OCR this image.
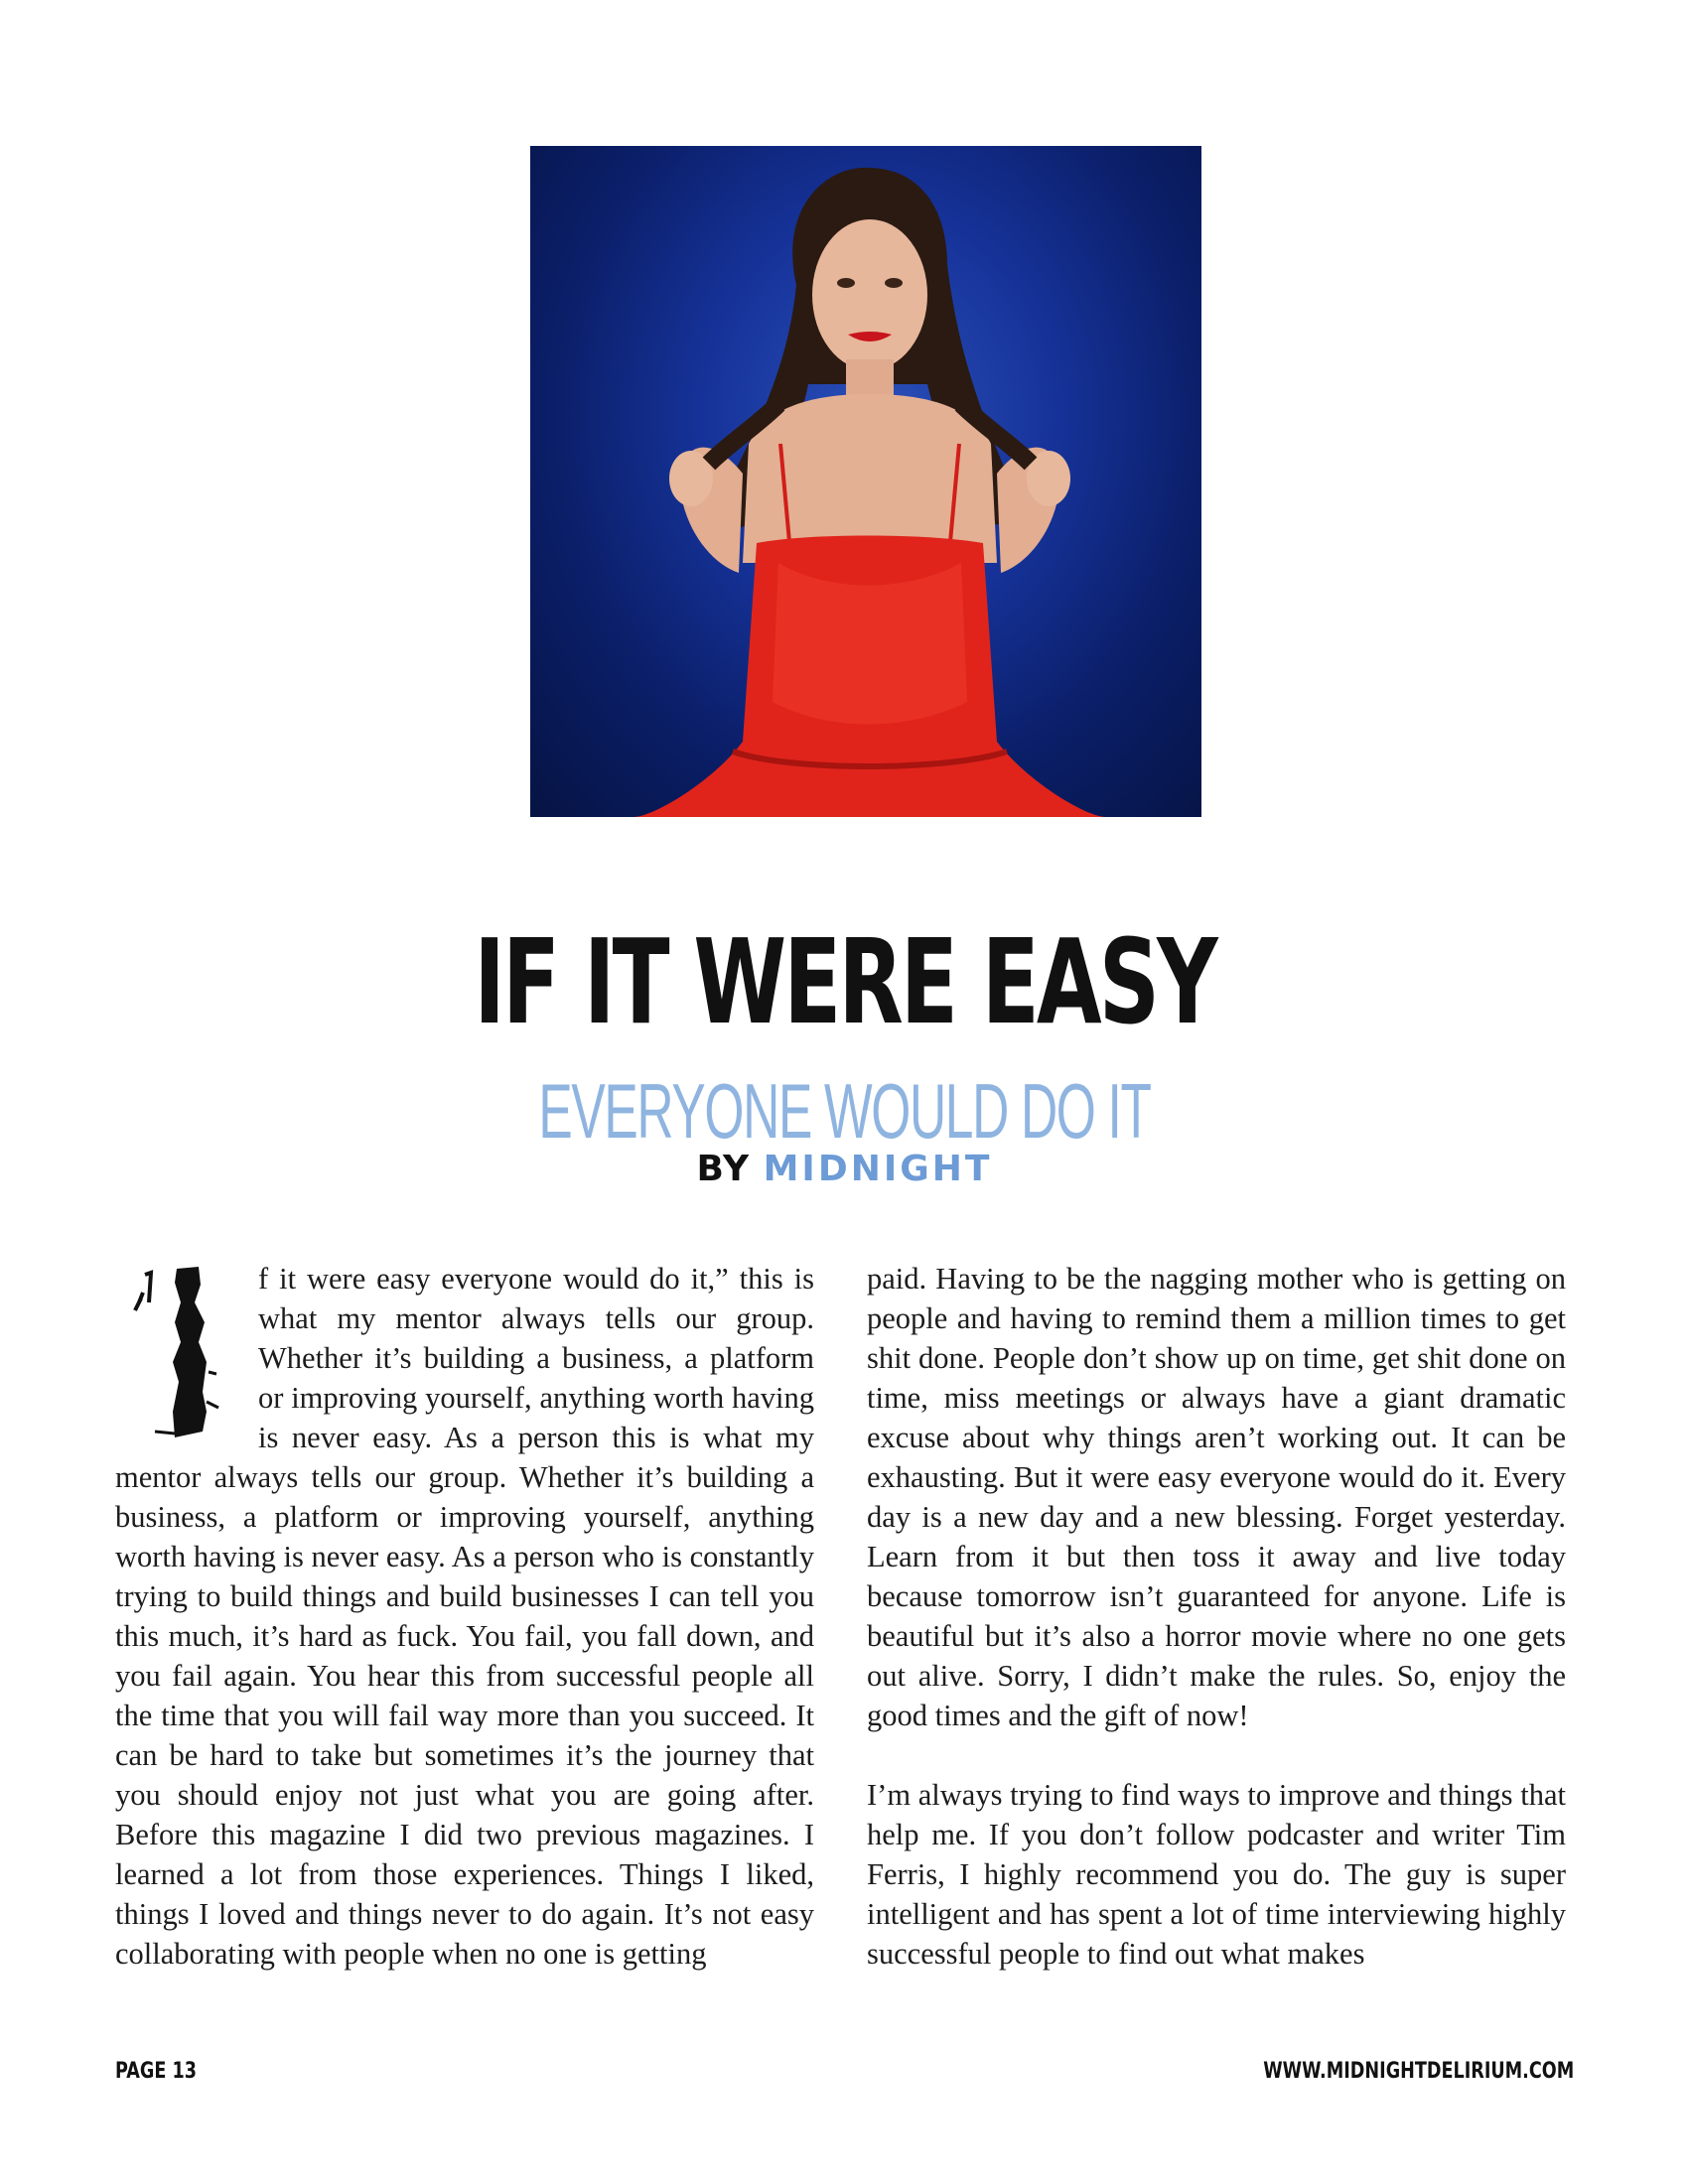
IF IT WERE EASY
EVERYONE WOULD DO IT
BY MIDNIGHT

f it were easy everyone would do it,” this is what my mentor always tells our group. Whether it’s building a business, a platform or improving yourself, anything worth having is never easy. As a person this is what my mentor always tells our group. Whether it’s building a business, a platform or improving yourself, anything worth having is never easy. As a person who is constantly trying to build things and build businesses I can tell you this much, it’s hard as fuck. You fail, you fall down, and you fail again. You hear this from successful people all the time that you will fail way more than you succeed. It can be hard to take but sometimes it’s the journey that you should enjoy not just what you are going after. Before this magazine I did two previous magazines. I learned a lot from those experiences. Things I liked, things I loved and things never to do again. It’s not easy collaborating with people when no one is getting

paid. Having to be the nagging mother who is getting on people and having to remind them a million times to get shit done. People don’t show up on time, get shit done on time, miss meetings or always have a giant dramatic excuse about why things aren’t working out. It can be exhausting. But it were easy everyone would do it. Every day is a new day and a new blessing. Forget yesterday. Learn from it but then toss it away and live today because tomorrow isn’t guaranteed for anyone. Life is beautiful but it’s also a horror movie where no one gets out alive. Sorry, I didn’t make the rules. So, enjoy the good times and the gift of now!

I’m always trying to find ways to improve and things that help me. If you don’t follow podcaster and writer Tim Ferris, I highly recommend you do. The guy is super intelligent and has spent a lot of time interviewing highly successful people to find out what makes

PAGE 13	WWW.MIDNIGHTDELIRIUM.COM
